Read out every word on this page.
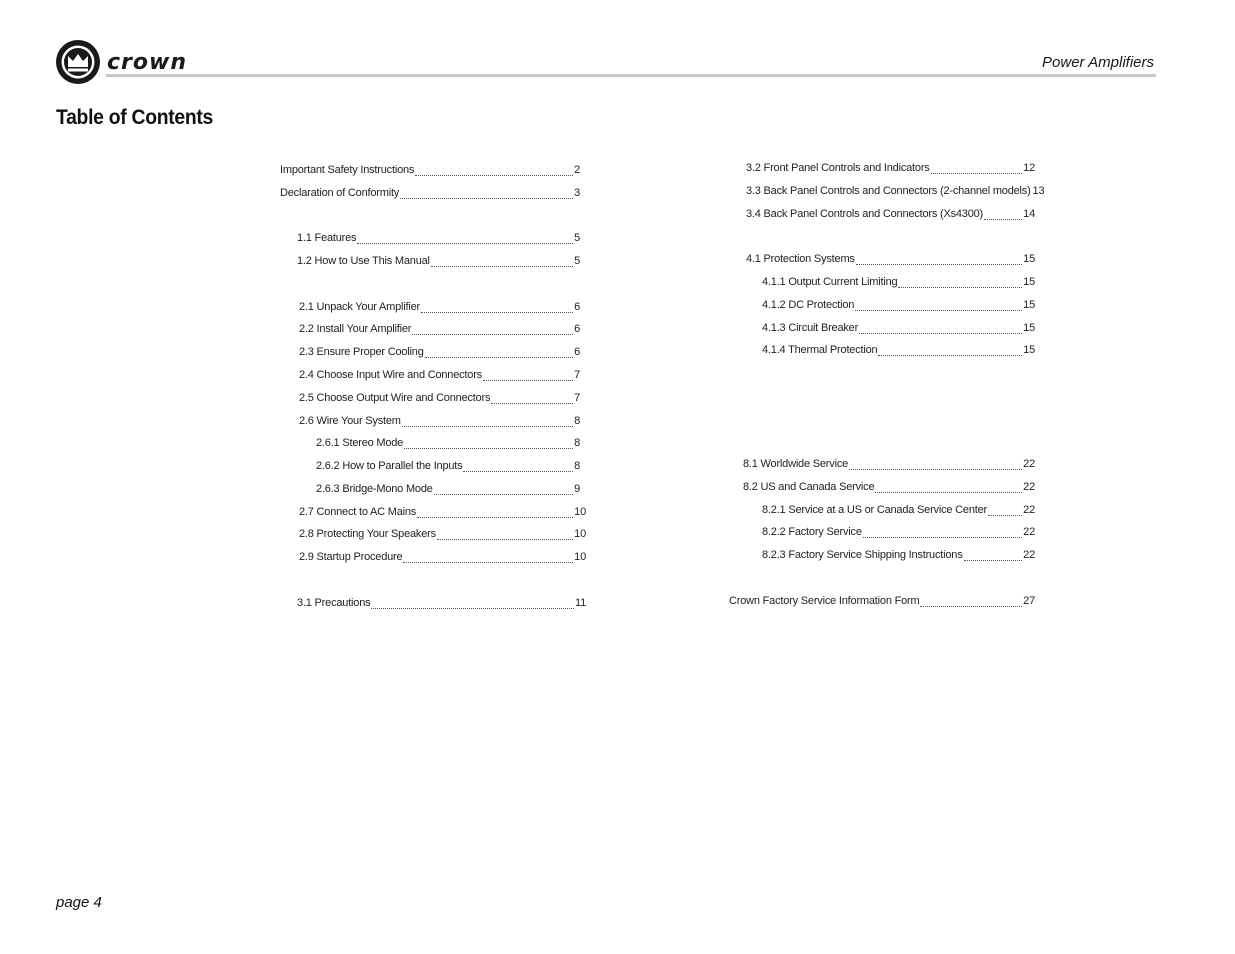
crown	Power Amplifiers
Table of Contents
Important Safety Instructions	2
Declaration of Conformity	3
1.1 Features	5
1.2 How to Use This Manual	5
2.1 Unpack Your Amplifier	6
2.2 Install Your Amplifier	6
2.3 Ensure Proper Cooling	6
2.4 Choose Input Wire and Connectors	7
2.5 Choose Output Wire and Connectors	7
2.6 Wire Your System	8
2.6.1 Stereo Mode	8
2.6.2 How to Parallel the Inputs	8
2.6.3 Bridge-Mono Mode	9
2.7 Connect to AC Mains	10
2.8 Protecting Your Speakers	10
2.9 Startup Procedure	10
3.1 Precautions	11
3.2 Front Panel Controls and Indicators	12
3.3 Back Panel Controls and Connectors (2-channel models) 13
3.4 Back Panel Controls and Connectors (Xs4300)	14
4.1 Protection Systems	15
4.1.1 Output Current Limiting	15
4.1.2 DC Protection	15
4.1.3 Circuit Breaker	15
4.1.4 Thermal Protection	15
8.1 Worldwide Service	22
8.2 US and Canada Service	22
8.2.1 Service at a US or Canada Service Center	22
8.2.2 Factory Service	22
8.2.3 Factory Service Shipping Instructions	22
Crown Factory Service Information Form	27
page 4
